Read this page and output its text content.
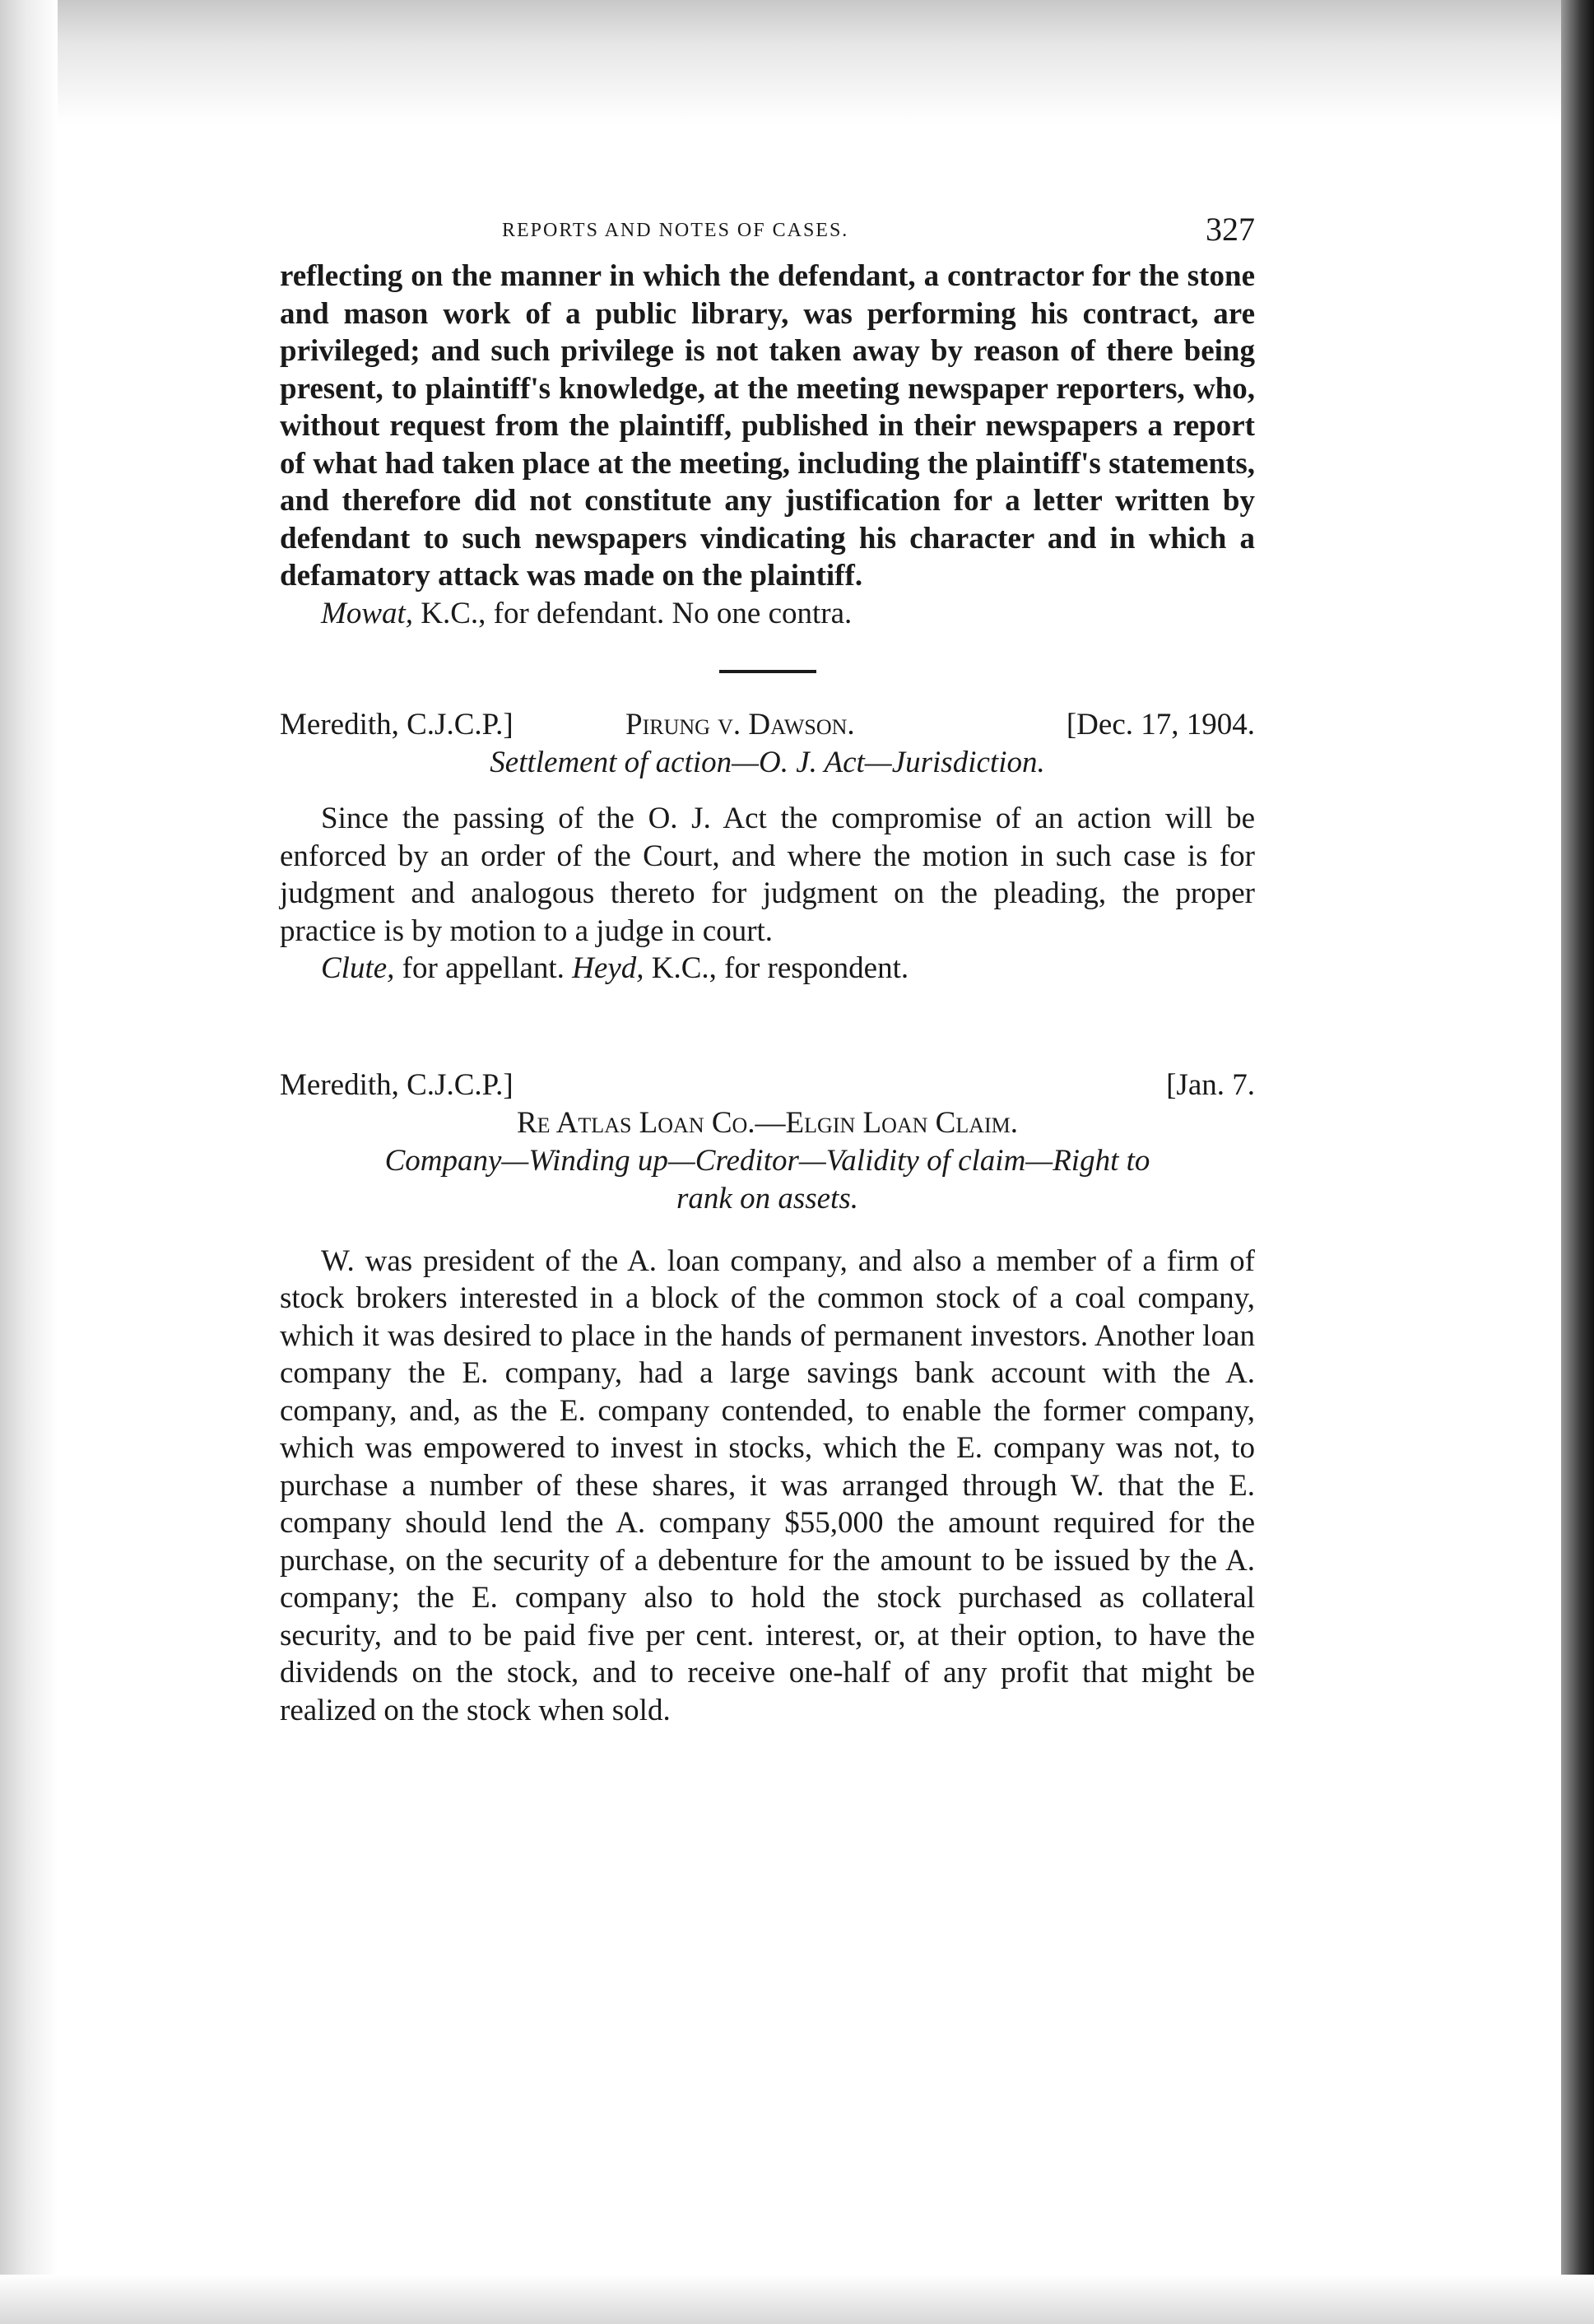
REPORTS AND NOTES OF CASES.	327

reflecting on the manner in which the defendant, a contractor for the stone and mason work of a public library, was performing his contract, are privileged; and such privilege is not taken away by reason of there being present, to plaintiff's knowledge, at the meeting newspaper reporters, who, without request from the plaintiff, published in their newspapers a report of what had taken place at the meeting, including the plaintiff's statements, and therefore did not constitute any justification for a letter written by defendant to such newspapers vindicating his character and in which a defamatory attack was made on the plaintiff.

Mowat, K.C., for defendant. No one contra.

Meredith, C.J.C.P.]	Pirung v. Dawson.	[Dec. 17, 1904.

Settlement of action—O. J. Act—Jurisdiction.

Since the passing of the O. J. Act the compromise of an action will be enforced by an order of the Court, and where the motion in such case is for judgment and analogous thereto for judgment on the pleading, the proper practice is by motion to a judge in court.

Clute, for appellant. Heyd, K.C., for respondent.

Meredith, C.J.C.P.]	[Jan. 7.

Re Atlas Loan Co.—Elgin Loan Claim.

Company—Winding up—Creditor—Validity of claim—Right to

rank on assets.

W. was president of the A. loan company, and also a member of a firm of stock brokers interested in a block of the common stock of a coal company, which it was desired to place in the hands of permanent investors. Another loan company the E. company, had a large savings bank account with the A. company, and, as the E. company contended, to enable the former company, which was empowered to invest in stocks, which the E. company was not, to purchase a number of these shares, it was arranged through W. that the E. company should lend the A. company $55,000 the amount required for the purchase, on the security of a debenture for the amount to be issued by the A. company; the E. company also to hold the stock purchased as collateral security, and to be paid five per cent. interest, or, at their option, to have the dividends on the stock, and to receive one-half of any profit that might be realized on the stock when sold.
